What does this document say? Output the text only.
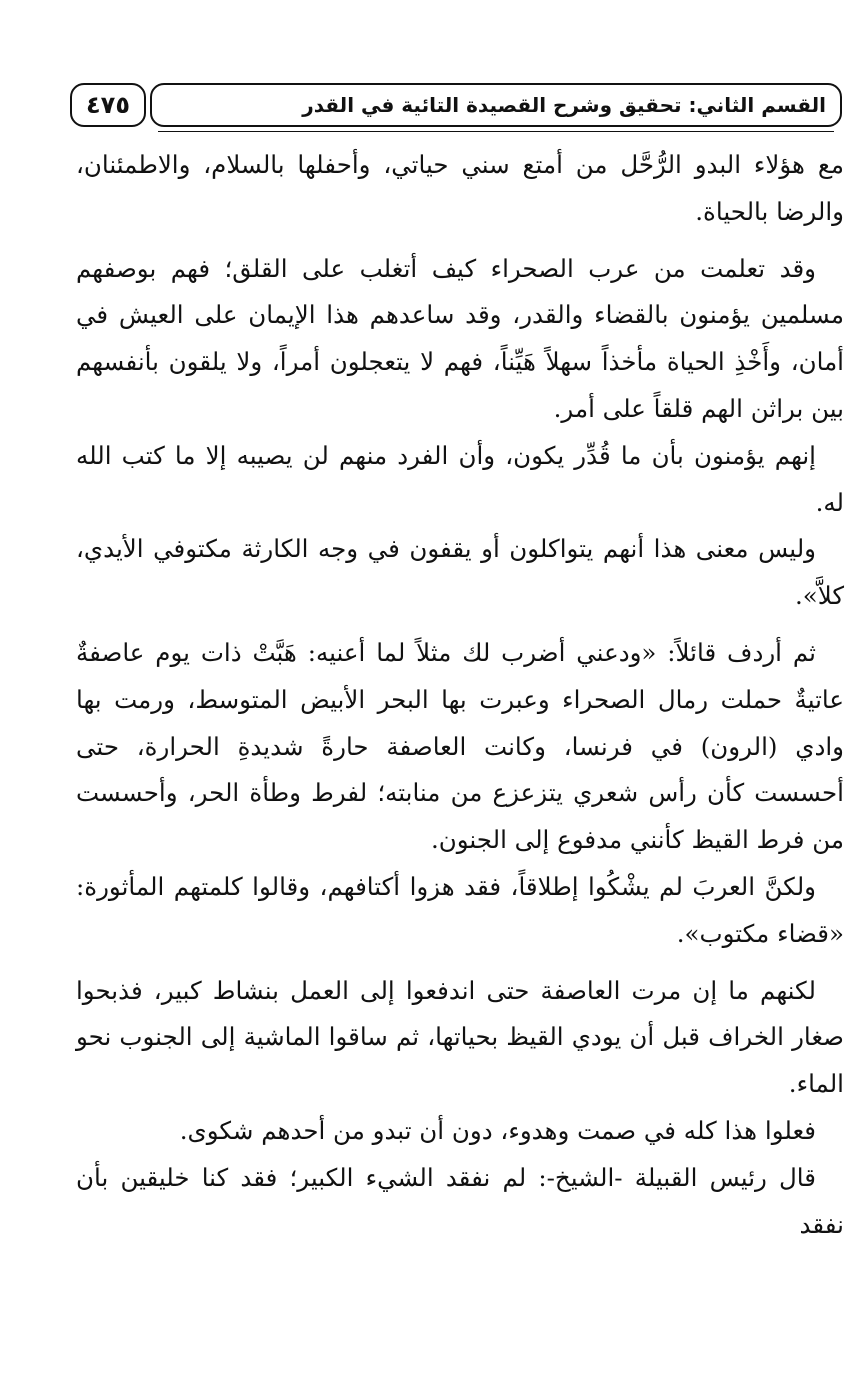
٤٧٥	القسم الثاني: تحقيق وشرح القصيدة التائية في القدر

مع هؤلاء البدو الرُّحَّل من أمتع سني حياتي، وأحفلها بالسلام، والاطمئنان، والرضا بالحياة.

وقد تعلمت من عرب الصحراء كيف أتغلب على القلق؛ فهم بوصفهم مسلمين يؤمنون بالقضاء والقدر، وقد ساعدهم هذا الإيمان على العيش في أمان، وأَخْذِ الحياة مأخذاً سهلاً هَيِّناً، فهم لا يتعجلون أمراً، ولا يلقون بأنفسهم بين براثن الهم قلقاً على أمر.

إنهم يؤمنون بأن ما قُدِّر يكون، وأن الفرد منهم لن يصيبه إلا ما كتب الله له.

وليس معنى هذا أنهم يتواكلون أو يقفون في وجه الكارثة مكتوفي الأيدي، كلاَّ».

ثم أردف قائلاً: «ودعني أضرب لك مثلاً لما أعنيه: هَبَّتْ ذات يوم عاصفةٌ عاتيةٌ حملت رمال الصحراء وعبرت بها البحر الأبيض المتوسط، ورمت بها وادي (الرون) في فرنسا، وكانت العاصفة حارةً شديدةِ الحرارة، حتى أحسست كأن رأس شعري يتزعزع من منابته؛ لفرط وطأة الحر، وأحسست من فرط القيظ كأنني مدفوع إلى الجنون.

ولكنَّ العربَ لم يشْكُوا إطلاقاً، فقد هزوا أكتافهم، وقالوا كلمتهم المأثورة: «قضاء مكتوب».

لكنهم ما إن مرت العاصفة حتى اندفعوا إلى العمل بنشاط كبير، فذبحوا صغار الخراف قبل أن يودي القيظ بحياتها، ثم ساقوا الماشية إلى الجنوب نحو الماء.

فعلوا هذا كله في صمت وهدوء، دون أن تبدو من أحدهم شكوى.

قال رئيس القبيلة -الشيخ-: لم نفقد الشيء الكبير؛ فقد كنا خليقين بأن نفقد
